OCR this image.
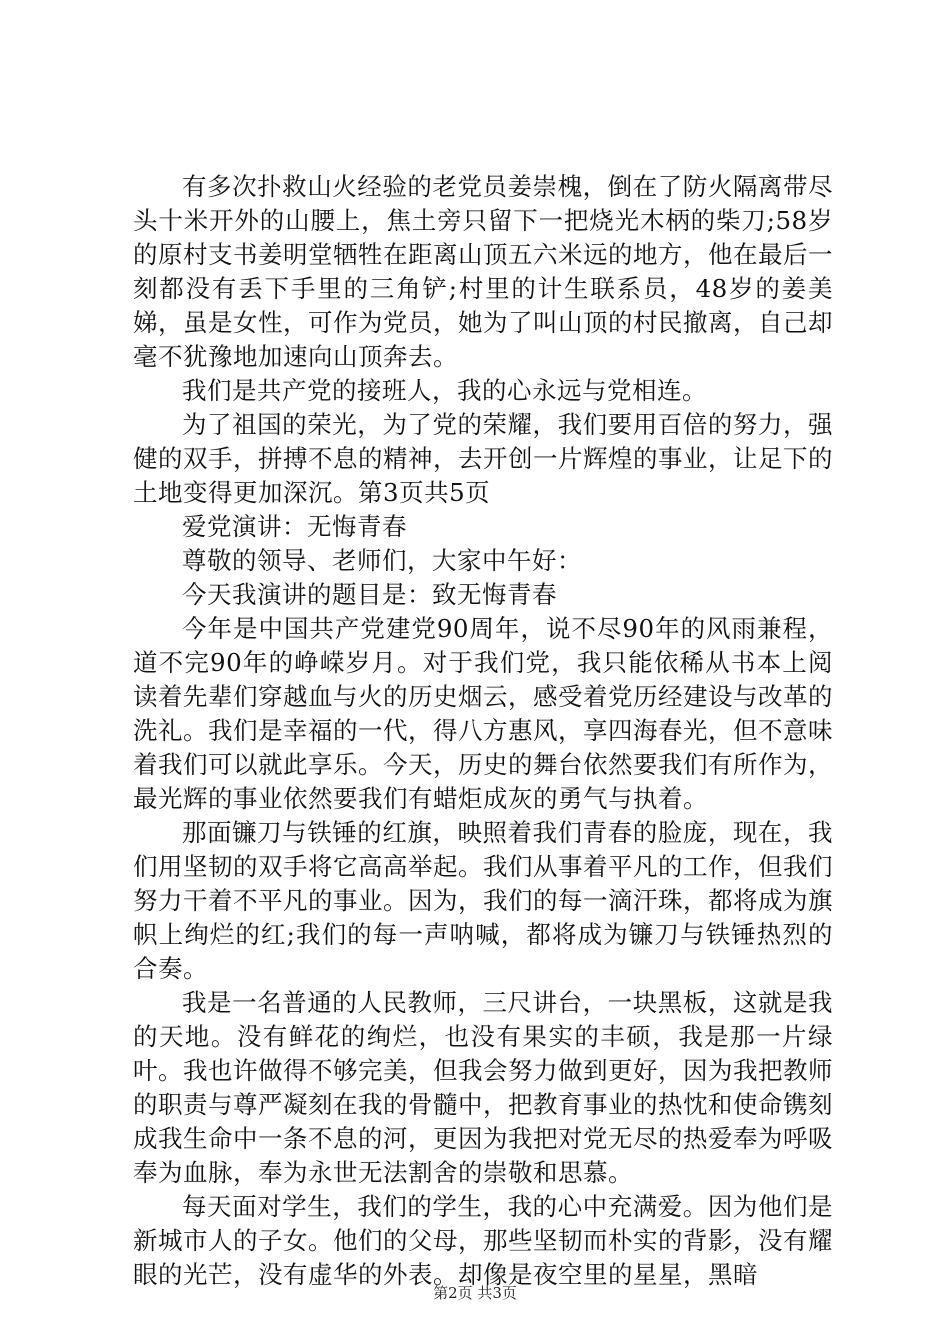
有多次扑救山火经验的老党员姜崇槐，倒在了防火隔离带尽头十米开外的山腰上，焦土旁只留下一把烧光木柄的柴刀;58岁的原村支书姜明堂牺牲在距离山顶五六米远的地方，他在最后一刻都没有丢下手里的三角铲;村里的计生联系员，48岁的姜美娣，虽是女性，可作为党员，她为了叫山顶的村民撤离，自己却毫不犹豫地加速向山顶奔去。

我们是共产党的接班人，我的心永远与党相连。

为了祖国的荣光，为了党的荣耀，我们要用百倍的努力，强健的双手，拼搏不息的精神，去开创一片辉煌的事业，让足下的土地变得更加深沉。第3页共5页

爱党演讲：无悔青春

尊敬的领导、老师们，大家中午好：

今天我演讲的题目是：致无悔青春

今年是中国共产党建党90周年，说不尽90年的风雨兼程，道不完90年的峥嵘岁月。对于我们党，我只能依稀从书本上阅读着先辈们穿越血与火的历史烟云，感受着党历经建设与改革的洗礼。我们是幸福的一代，得八方惠风，享四海春光，但不意味着我们可以就此享乐。今天，历史的舞台依然要我们有所作为，最光辉的事业依然要我们有蜡炬成灰的勇气与执着。

那面镰刀与铁锤的红旗，映照着我们青春的脸庞，现在，我们用坚韧的双手将它高高举起。我们从事着平凡的工作，但我们努力干着不平凡的事业。因为，我们的每一滴汗珠，都将成为旗帜上绚烂的红;我们的每一声呐喊，都将成为镰刀与铁锤热烈的合奏。

我是一名普通的人民教师，三尺讲台，一块黑板，这就是我的天地。没有鲜花的绚烂，也没有果实的丰硕，我是那一片绿叶。我也许做得不够完美，但我会努力做到更好，因为我把教师的职责与尊严凝刻在我的骨髓中，把教育事业的热忱和使命镌刻成我生命中一条不息的河，更因为我把对党无尽的热爱奉为呼吸奉为血脉，奉为永世无法割舍的崇敬和思慕。

每天面对学生，我们的学生，我的心中充满爱。因为他们是新城市人的子女。他们的父母，那些坚韧而朴实的背影，没有耀眼的光芒，没有虚华的外表。却像是夜空里的星星，黑暗

第2页 共3页
